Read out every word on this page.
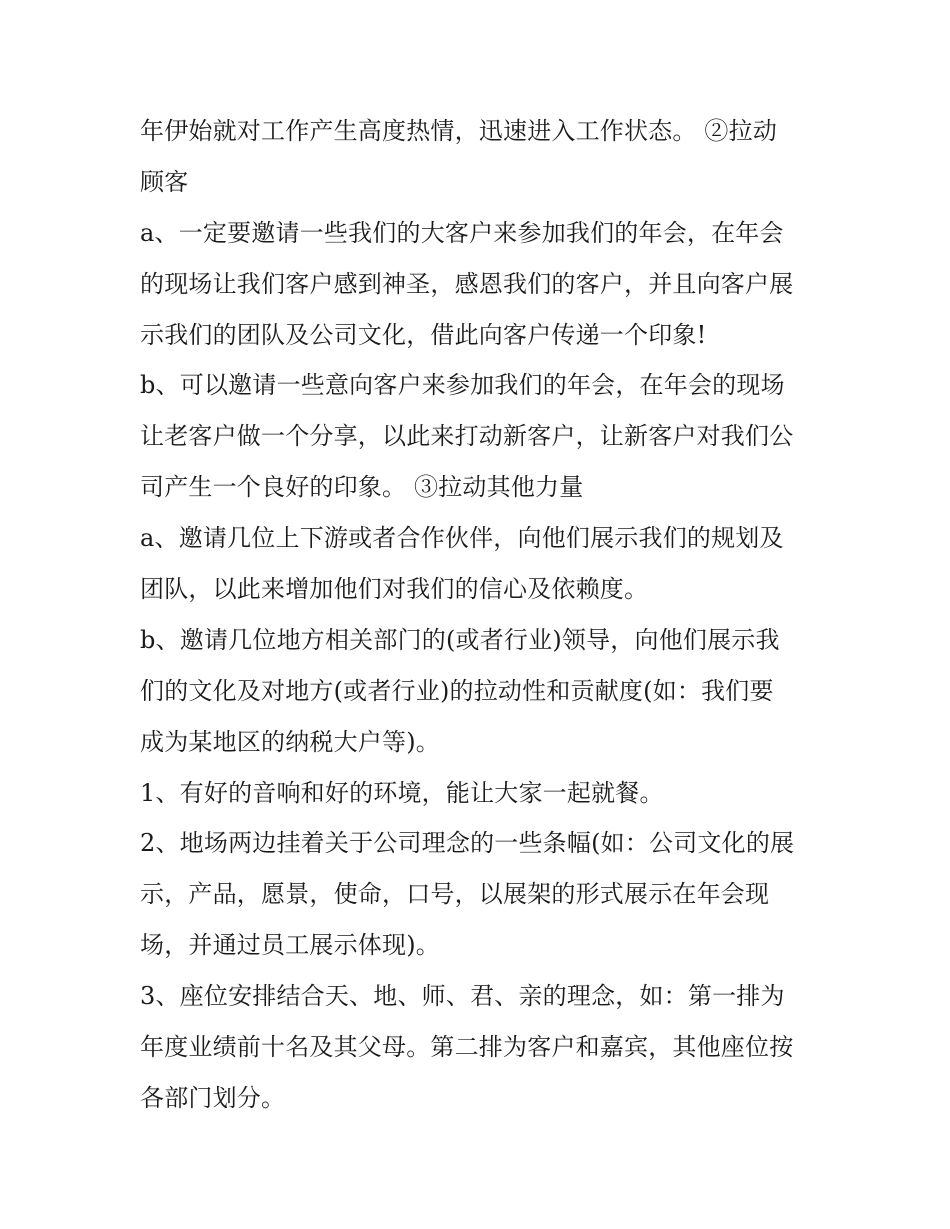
年伊始就对工作产生高度热情，迅速进入工作状态。 ②拉动
顾客
a、一定要邀请一些我们的大客户来参加我们的年会，在年会
的现场让我们客户感到神圣，感恩我们的客户，并且向客户展
示我们的团队及公司文化，借此向客户传递一个印象!
b、可以邀请一些意向客户来参加我们的年会，在年会的现场
让老客户做一个分享，以此来打动新客户，让新客户对我们公
司产生一个良好的印象。 ③拉动其他力量
a、邀请几位上下游或者合作伙伴，向他们展示我们的规划及
团队，以此来增加他们对我们的信心及依赖度。
b、邀请几位地方相关部门的(或者行业)领导，向他们展示我
们的文化及对地方(或者行业)的拉动性和贡献度(如：我们要
成为某地区的纳税大户等)。
1、有好的音响和好的环境，能让大家一起就餐。
2、地场两边挂着关于公司理念的一些条幅(如：公司文化的展
示，产品，愿景，使命，口号，以展架的形式展示在年会现
场，并通过员工展示体现)。
3、座位安排结合天、地、师、君、亲的理念，如：第一排为
年度业绩前十名及其父母。第二排为客户和嘉宾，其他座位按
各部门划分。
